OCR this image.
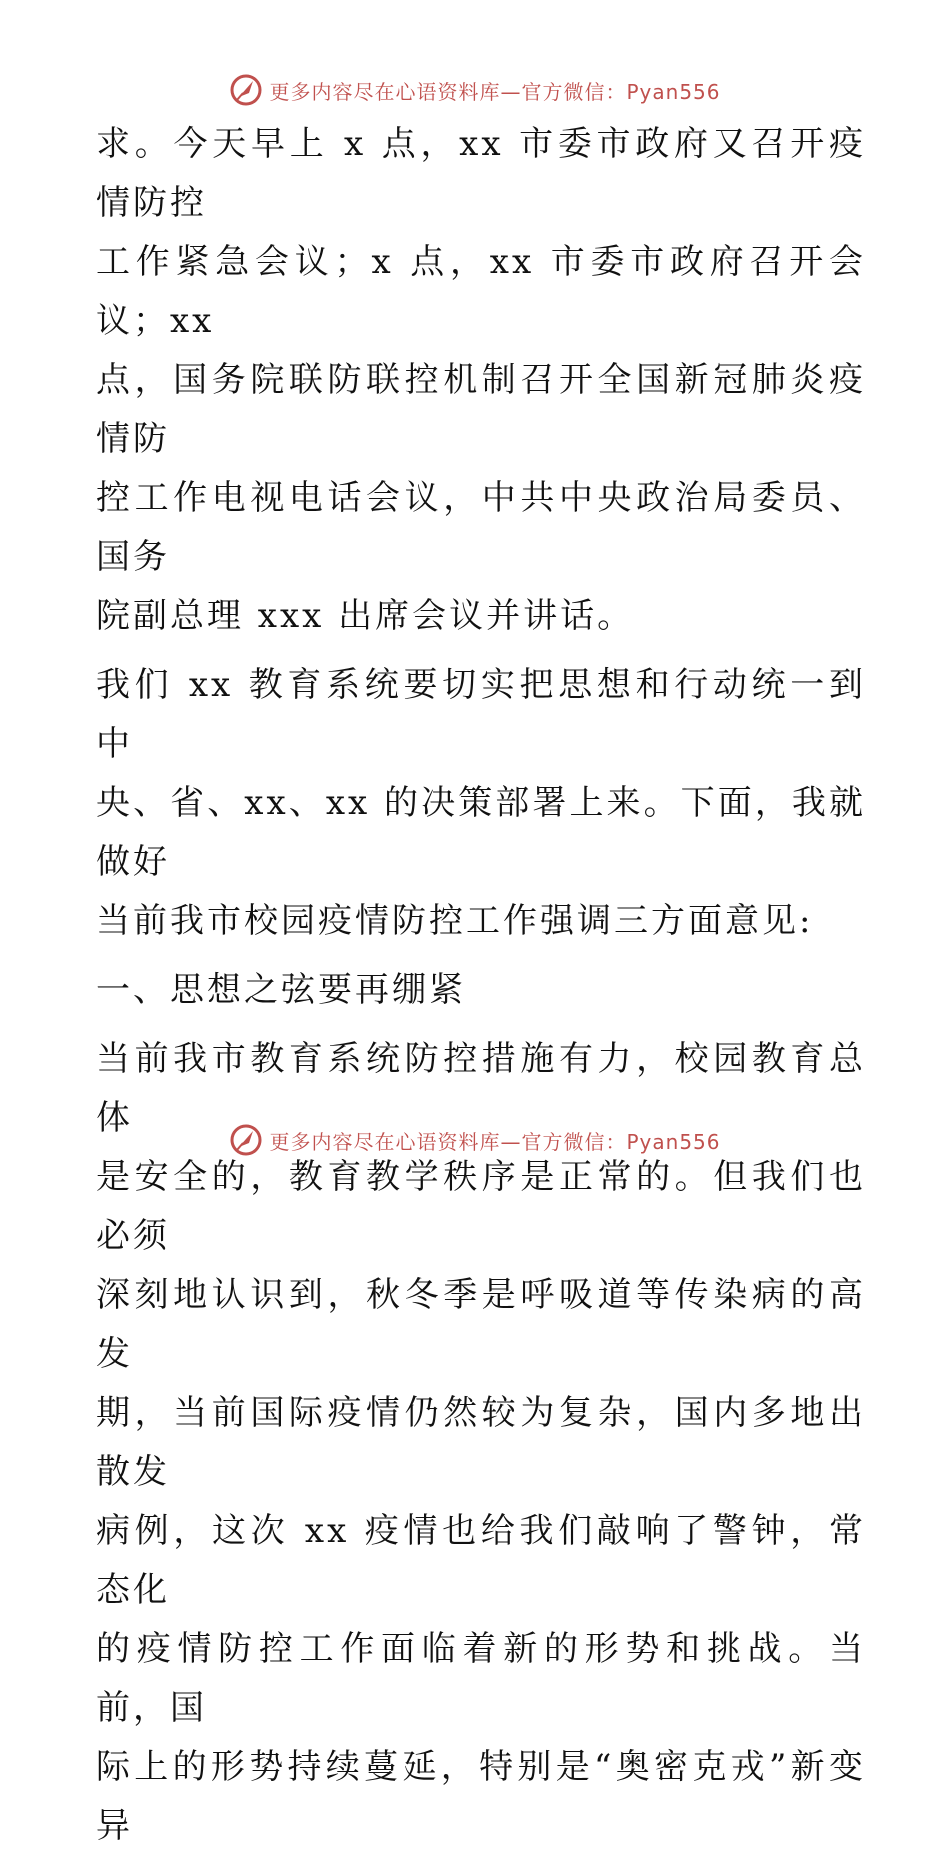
更多内容尽在心语资料库—官方微信：Pyan556
求。今天早上 x 点，xx 市委市政府又召开疫情防控
工作紧急会议；x 点，xx 市委市政府召开会议；xx
点，国务院联防联控机制召开全国新冠肺炎疫情防
控工作电视电话会议，中共中央政治局委员、国务
院副总理 xxx 出席会议并讲话。
我们 xx 教育系统要切实把思想和行动统一到中
央、省、xx、xx 的决策部署上来。下面，我就做好
当前我市校园疫情防控工作强调三方面意见:
一、思想之弦要再绷紧
当前我市教育系统防控措施有力，校园教育总体
是安全的，教育教学秩序是正常的。但我们也必须
深刻地认识到，秋冬季是呼吸道等传染病的高发
期，当前国际疫情仍然较为复杂，国内多地出散发
病例，这次 xx 疫情也给我们敲响了警钟，常态化
的疫情防控工作面临着新的形势和挑战。当前，国
际上的形势持续蔓延，特别是“奥密克戎”新变异
更多内容尽在心语资料库—官方微信：Pyan556
